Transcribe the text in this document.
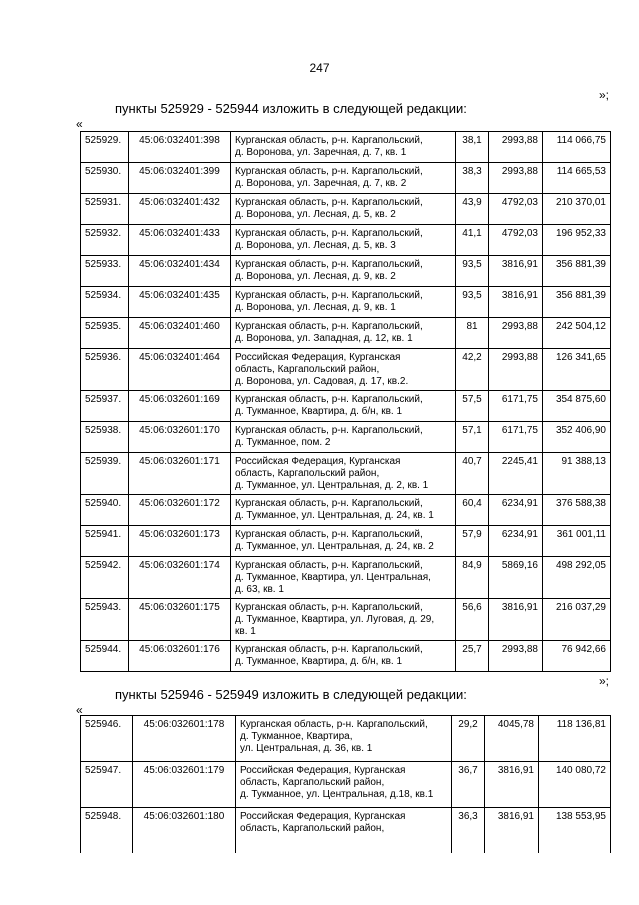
247
»;
пункты 525929 - 525944 изложить в следующей редакции:
«
525929.	45:06:032401:398	Курганская область, р-н. Каргапольский,
д. Воронова, ул. Заречная, д. 7, кв. 1	38,1	2993,88	114 066,75
525930.	45:06:032401:399	Курганская область, р-н. Каргапольский,
д. Воронова, ул. Заречная, д. 7, кв. 2	38,3	2993,88	114 665,53
525931.	45:06:032401:432	Курганская область, р-н. Каргапольский,
д. Воронова, ул. Лесная, д. 5, кв. 2	43,9	4792,03	210 370,01
525932.	45:06:032401:433	Курганская область, р-н. Каргапольский,
д. Воронова, ул. Лесная, д. 5, кв. 3	41,1	4792,03	196 952,33
525933.	45:06:032401:434	Курганская область, р-н. Каргапольский,
д. Воронова, ул. Лесная, д. 9, кв. 2	93,5	3816,91	356 881,39
525934.	45:06:032401:435	Курганская область, р-н. Каргапольский,
д. Воронова, ул. Лесная, д. 9, кв. 1	93,5	3816,91	356 881,39
525935.	45:06:032401:460	Курганская область, р-н. Каргапольский,
д. Воронова, ул. Западная, д. 12, кв. 1	81	2993,88	242 504,12
525936.	45:06:032401:464	Российская Федерация, Курганская
область, Каргапольский район,
д. Воронова, ул. Садовая, д. 17, кв.2.	42,2	2993,88	126 341,65
525937.	45:06:032601:169	Курганская область, р-н. Каргапольский,
д. Тукманное, Квартира, д. б/н, кв. 1	57,5	6171,75	354 875,60
525938.	45:06:032601:170	Курганская область, р-н. Каргапольский,
д. Тукманное, пом. 2	57,1	6171,75	352 406,90
525939.	45:06:032601:171	Российская Федерация, Курганская
область, Каргапольский район,
д. Тукманное, ул. Центральная, д. 2, кв. 1	40,7	2245,41	91 388,13
525940.	45:06:032601:172	Курганская область, р-н. Каргапольский,
д. Тукманное, ул. Центральная, д. 24, кв. 1	60,4	6234,91	376 588,38
525941.	45:06:032601:173	Курганская область, р-н. Каргапольский,
д. Тукманное, ул. Центральная, д. 24, кв. 2	57,9	6234,91	361 001,11
525942.	45:06:032601:174	Курганская область, р-н. Каргапольский,
д. Тукманное, Квартира, ул. Центральная,
д. 63, кв. 1	84,9	5869,16	498 292,05
525943.	45:06:032601:175	Курганская область, р-н. Каргапольский,
д. Тукманное, Квартира, ул. Луговая, д. 29,
кв. 1	56,6	3816,91	216 037,29
525944.	45:06:032601:176	Курганская область, р-н. Каргапольский,
д. Тукманное, Квартира, д. б/н, кв. 1	25,7	2993,88	76 942,66
»;
пункты 525946 - 525949 изложить в следующей редакции:
«
525946.	45:06:032601:178	Курганская область, р-н. Каргапольский,
д. Тукманное, Квартира,
ул. Центральная, д. 36, кв. 1	29,2	4045,78	118 136,81
525947.	45:06:032601:179	Российская Федерация, Курганская
область, Каргапольский район,
д. Тукманное, ул. Центральная, д.18, кв.1	36,7	3816,91	140 080,72
525948.	45:06:032601:180	Российская Федерация, Курганская
область, Каргапольский район,	36,3	3816,91	138 553,95
